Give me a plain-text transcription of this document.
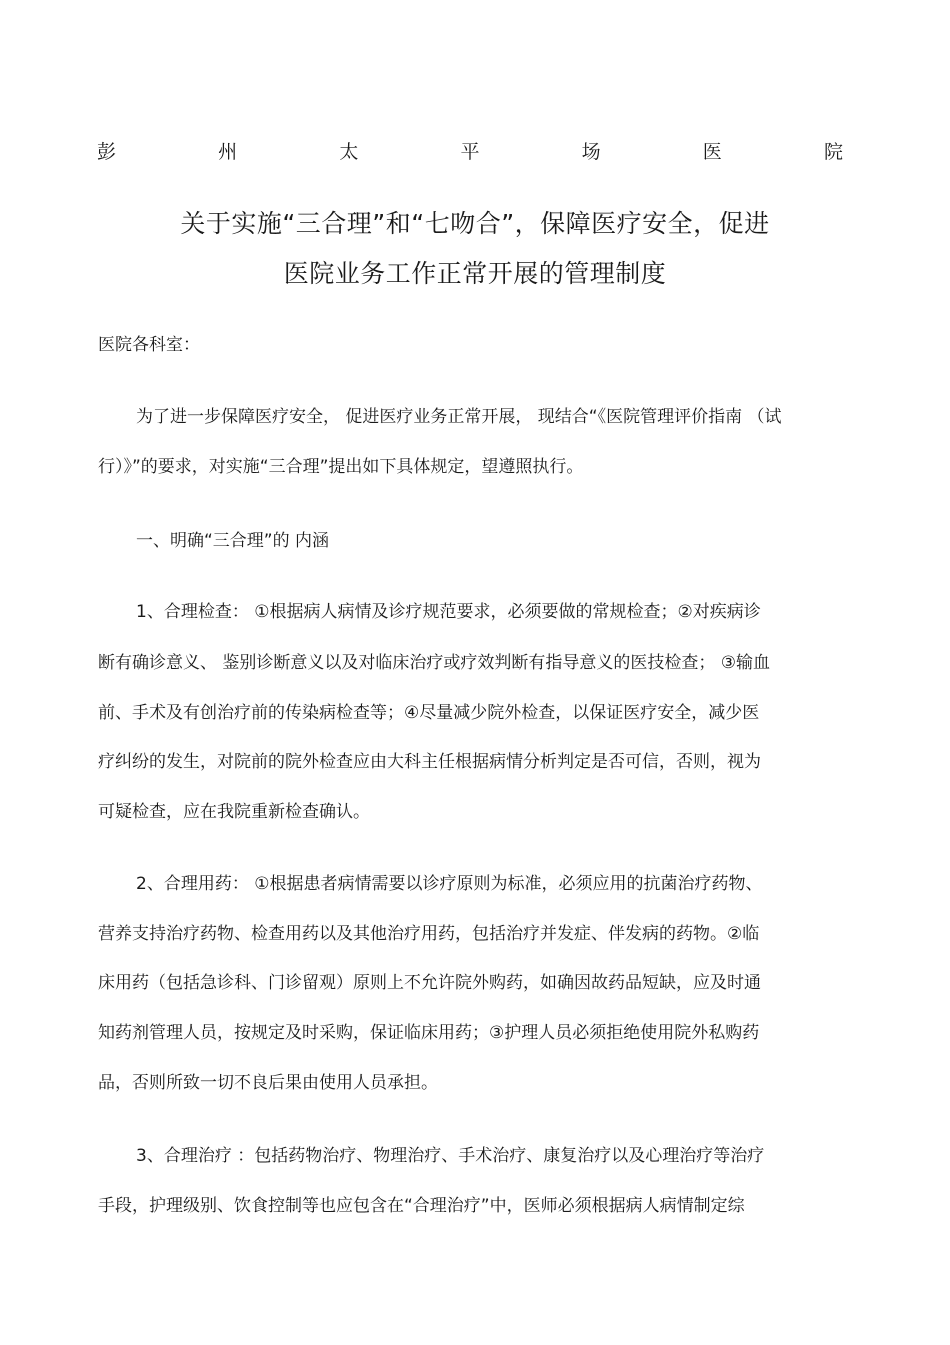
彭	州	太	平	场	医	院
关于实施“三合理”和“七吻合”，保障医疗安全，促进
医院业务工作正常开展的管理制度
医院各科室：
为了进一步保障医疗安全， 促进医疗业务正常开展， 现结合“《医院管理评价指南 （试
行）》”的要求，对实施“三合理”提出如下具体规定，望遵照执行。
一、明确“三合理”的 内涵
1、合理检查： ①根据病人病情及诊疗规范要求，必须要做的常规检查；②对疾病诊
断有确诊意义、 鉴别诊断意义以及对临床治疗或疗效判断有指导意义的医技检查； ③输血
前、手术及有创治疗前的传染病检查等；④尽量减少院外检查，以保证医疗安全，减少医
疗纠纷的发生，对院前的院外检查应由大科主任根据病情分析判定是否可信，否则，视为
可疑检查，应在我院重新检查确认。
2、合理用药： ①根据患者病情需要以诊疗原则为标准，必须应用的抗菌治疗药物、
营养支持治疗药物、检查用药以及其他治疗用药，包括治疗并发症、伴发病的药物。②临
床用药（包括急诊科、门诊留观）原则上不允许院外购药，如确因故药品短缺，应及时通
知药剂管理人员，按规定及时采购，保证临床用药；③护理人员必须拒绝使用院外私购药
品，否则所致一切不良后果由使用人员承担。
3、合理治疗 ：包括药物治疗、物理治疗、手术治疗、康复治疗以及心理治疗等治疗
手段，护理级别、饮食控制等也应包含在“合理治疗”中，医师必须根据病人病情制定综
